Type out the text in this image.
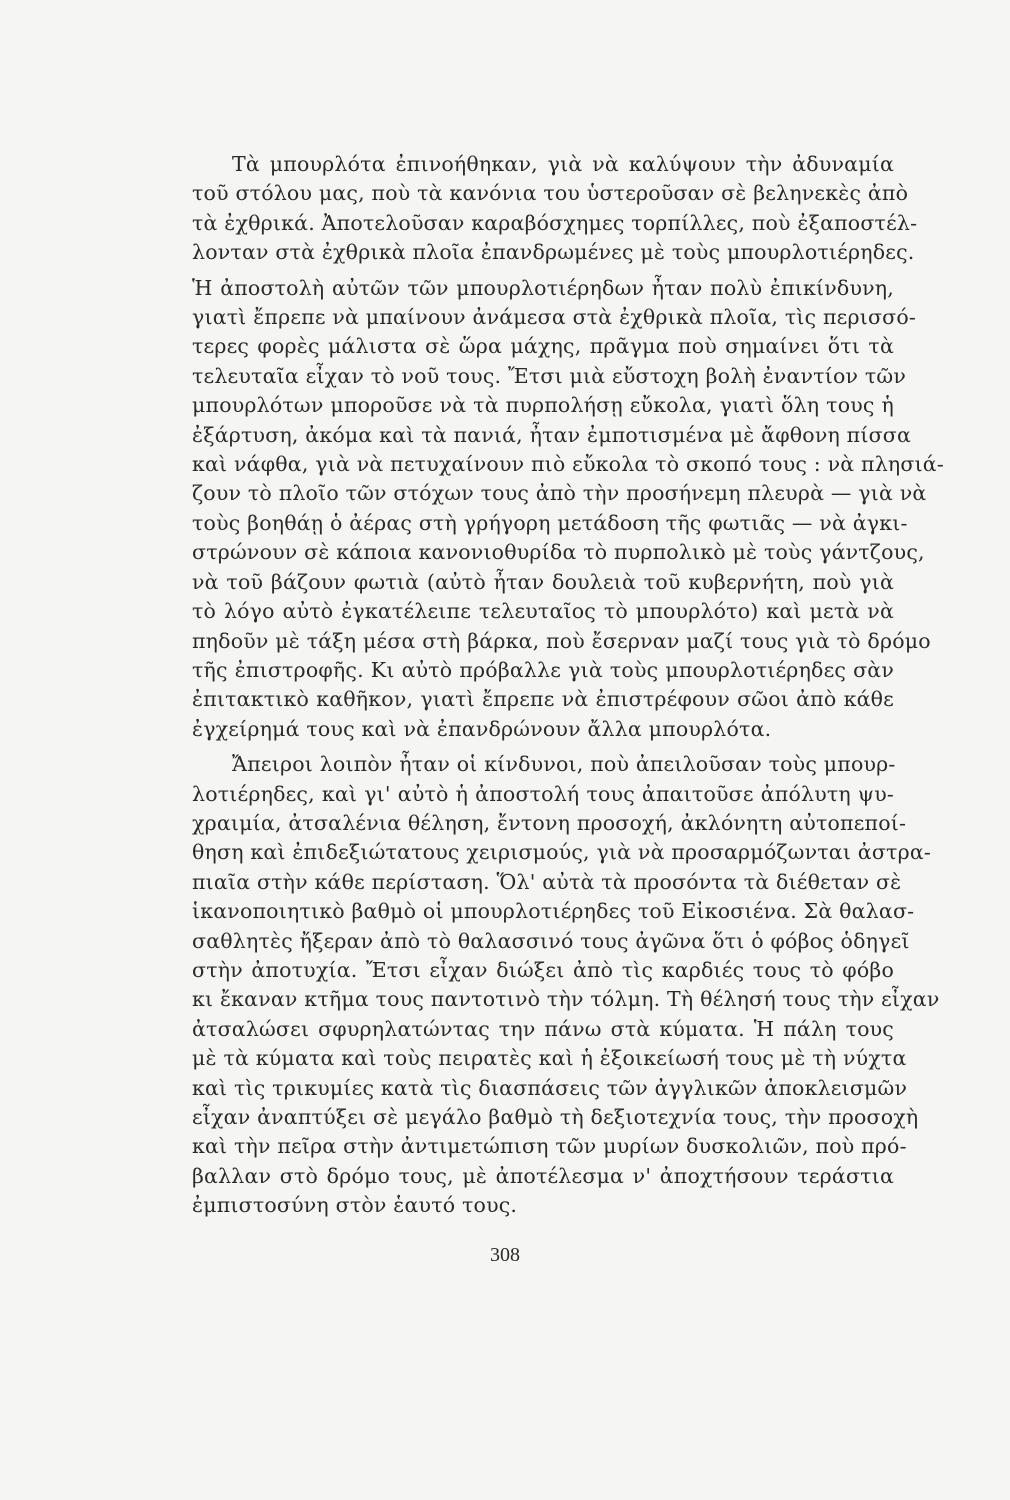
Τὰ μπουρλότα ἐπινοήθηκαν, γιὰ νὰ καλύψουν τὴν ἀδυναμία
τοῦ στόλου μας, ποὺ τὰ κανόνια του ὑστεροῦσαν σὲ βεληνεκὲς ἀπὸ
τὰ ἐχθρικά. Ἀποτελοῦσαν καραβόσχημες τορπίλλες, ποὺ ἐξαποστέλ-
λονταν στὰ ἐχθρικὰ πλοῖα ἐπανδρωμένες μὲ τοὺς μπουρλοτιέρηδες.
Ἡ ἀποστολὴ αὐτῶν τῶν μπουρλοτιέρηδων ἦταν πολὺ ἐπικίνδυνη,
γιατὶ ἔπρεπε νὰ μπαίνουν ἀνάμεσα στὰ ἐχθρικὰ πλοῖα, τὶς περισσό-
τερες φορὲς μάλιστα σὲ ὥρα μάχης, πρᾶγμα ποὺ σημαίνει ὅτι τὰ
τελευταῖα εἶχαν τὸ νοῦ τους. Ἔτσι μιὰ εὔστοχη βολὴ ἐναντίον τῶν
μπουρλότων μποροῦσε νὰ τὰ πυρπολήσῃ εὔκολα, γιατὶ ὅλη τους ἡ
ἐξάρτυση, ἀκόμα καὶ τὰ πανιά, ἦταν ἐμποτισμένα μὲ ἄφθονη πίσσα
καὶ νάφθα, γιὰ νὰ πετυχαίνουν πιὸ εὔκολα τὸ σκοπό τους : νὰ πλησιά-
ζουν τὸ πλοῖο τῶν στόχων τους ἀπὸ τὴν προσήνεμη πλευρὰ — γιὰ νὰ
τοὺς βοηθάῃ ὁ ἀέρας στὴ γρήγορη μετάδοση τῆς φωτιᾶς — νὰ ἀγκι-
στρώνουν σὲ κάποια κανονιοθυρίδα τὸ πυρπολικὸ μὲ τοὺς γάντζους,
νὰ τοῦ βάζουν φωτιὰ (αὐτὸ ἦταν δουλειὰ τοῦ κυβερνήτη, ποὺ γιὰ
τὸ λόγο αὐτὸ ἐγκατέλειπε τελευταῖος τὸ μπουρλότο) καὶ μετὰ νὰ
πηδοῦν μὲ τάξη μέσα στὴ βάρκα, ποὺ ἔσερναν μαζί τους γιὰ τὸ δρόμο
τῆς ἐπιστροφῆς. Κι αὐτὸ πρόβαλλε γιὰ τοὺς μπουρλοτιέρηδες σὰν
ἐπιτακτικὸ καθῆκον, γιατὶ ἔπρεπε νὰ ἐπιστρέφουν σῶοι ἀπὸ κάθε
ἐγχείρημά τους καὶ νὰ ἐπανδρώνουν ἄλλα μπουρλότα.
Ἄπειροι λοιπὸν ἦταν οἱ κίνδυνοι, ποὺ ἀπειλοῦσαν τοὺς μπουρ-
λοτιέρηδες, καὶ γι' αὐτὸ ἡ ἀποστολή τους ἀπαιτοῦσε ἀπόλυτη ψυ-
χραιμία, ἀτσαλένια θέληση, ἔντονη προσοχή, ἀκλόνητη αὐτοπεποί-
θηση καὶ ἐπιδεξιώτατους χειρισμούς, γιὰ νὰ προσαρμόζωνται ἀστρα-
πιαῖα στὴν κάθε περίσταση. Ὅλ' αὐτὰ τὰ προσόντα τὰ διέθεταν σὲ
ἱκανοποιητικὸ βαθμὸ οἱ μπουρλοτιέρηδες τοῦ Εἰκοσιένα. Σὰ θαλασ-
σαθλητὲς ἤξεραν ἀπὸ τὸ θαλασσινό τους ἀγῶνα ὅτι ὁ φόβος ὁδηγεῖ
στὴν ἀποτυχία. Ἔτσι εἶχαν διώξει ἀπὸ τὶς καρδιές τους τὸ φόβο
κι ἔκαναν κτῆμα τους παντοτινὸ τὴν τόλμη. Τὴ θέλησή τους τὴν εἶχαν
ἀτσαλώσει σφυρηλατώντας την πάνω στὰ κύματα. Ἡ πάλη τους
μὲ τὰ κύματα καὶ τοὺς πειρατὲς καὶ ἡ ἐξοικείωσή τους μὲ τὴ νύχτα
καὶ τὶς τρικυμίες κατὰ τὶς διασπάσεις τῶν ἀγγλικῶν ἀποκλεισμῶν
εἶχαν ἀναπτύξει σὲ μεγάλο βαθμὸ τὴ δεξιοτεχνία τους, τὴν προσοχὴ
καὶ τὴν πεῖρα στὴν ἀντιμετώπιση τῶν μυρίων δυσκολιῶν, ποὺ πρό-
βαλλαν στὸ δρόμο τους, μὲ ἀποτέλεσμα ν' ἀποχτήσουν τεράστια
ἐμπιστοσύνη στὸν ἑαυτό τους.
308
